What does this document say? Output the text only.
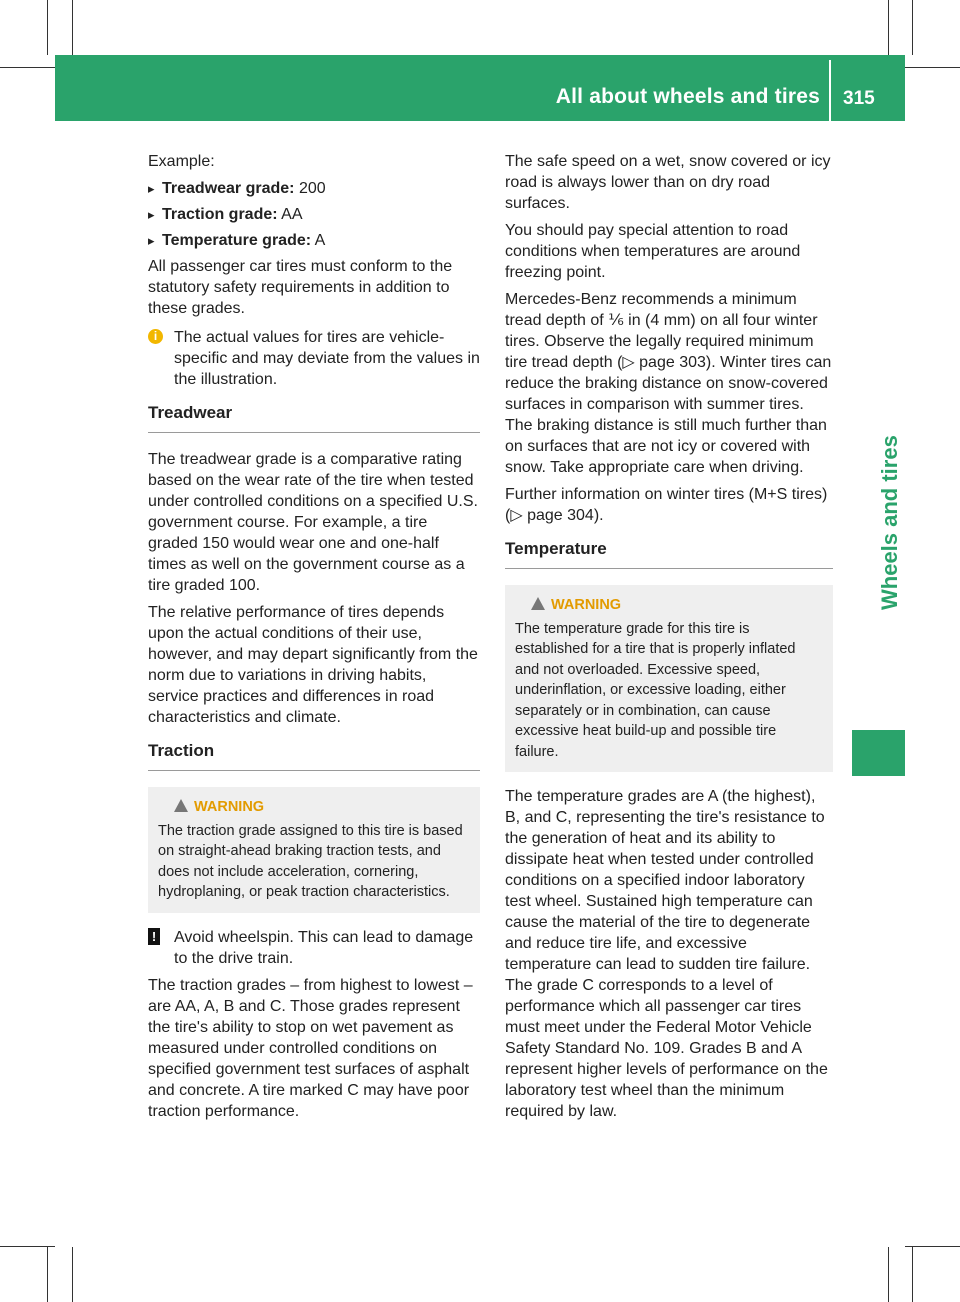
All about wheels and tires 315
Wheels and tires

Example:

▸ Treadwear grade: 200
▸ Traction grade: AA
▸ Temperature grade: A

All passenger car tires must conform to the statutory safety requirements in addition to these grades.

i	The actual values for tires are vehicle-specific and may deviate from the values in the illustration.
Treadwear

The treadwear grade is a comparative rating based on the wear rate of the tire when tested under controlled conditions on a specified U.S. government course. For example, a tire graded 150 would wear one and one-half times as well on the government course as a tire graded 100.

The relative performance of tires depends upon the actual conditions of their use, however, and may depart significantly from the norm due to variations in driving habits, service practices and differences in road characteristics and climate.

Traction
WARNING
The traction grade assigned to this tire is based on straight-ahead braking traction tests, and does not include acceleration, cornering, hydroplaning, or peak traction characteristics.
! Avoid wheelspin. This can lead to damage to the drive train.

The traction grades – from highest to lowest – are AA, A, B and C. Those grades represent the tire's ability to stop on wet pavement as measured under controlled conditions on specified government test surfaces of asphalt and concrete. A tire marked C may have poor traction performance.

The safe speed on a wet, snow covered or icy road is always lower than on dry road surfaces.

You should pay special attention to road conditions when temperatures are around freezing point.

Mercedes-Benz recommends a minimum tread depth of ⅙ in (4 mm) on all four winter tires. Observe the legally required minimum tire tread depth (▷ page 303). Winter tires can reduce the braking distance on snow-covered surfaces in comparison with summer tires. The braking distance is still much further than on surfaces that are not icy or covered with snow. Take appropriate care when driving.

Further information on winter tires (M+S tires) (▷ page 304).

Temperature
WARNING
The temperature grade for this tire is established for a tire that is properly inflated and not overloaded. Excessive speed, underinflation, or excessive loading, either separately or in combination, can cause excessive heat build-up and possible tire failure.

The temperature grades are A (the highest), B, and C, representing the tire's resistance to the generation of heat and its ability to dissipate heat when tested under controlled conditions on a specified indoor laboratory test wheel. Sustained high temperature can cause the material of the tire to degenerate and reduce tire life, and excessive temperature can lead to sudden tire failure. The grade C corresponds to a level of performance which all passenger car tires must meet under the Federal Motor Vehicle Safety Standard No. 109. Grades B and A represent higher levels of performance on the laboratory test wheel than the minimum required by law.
